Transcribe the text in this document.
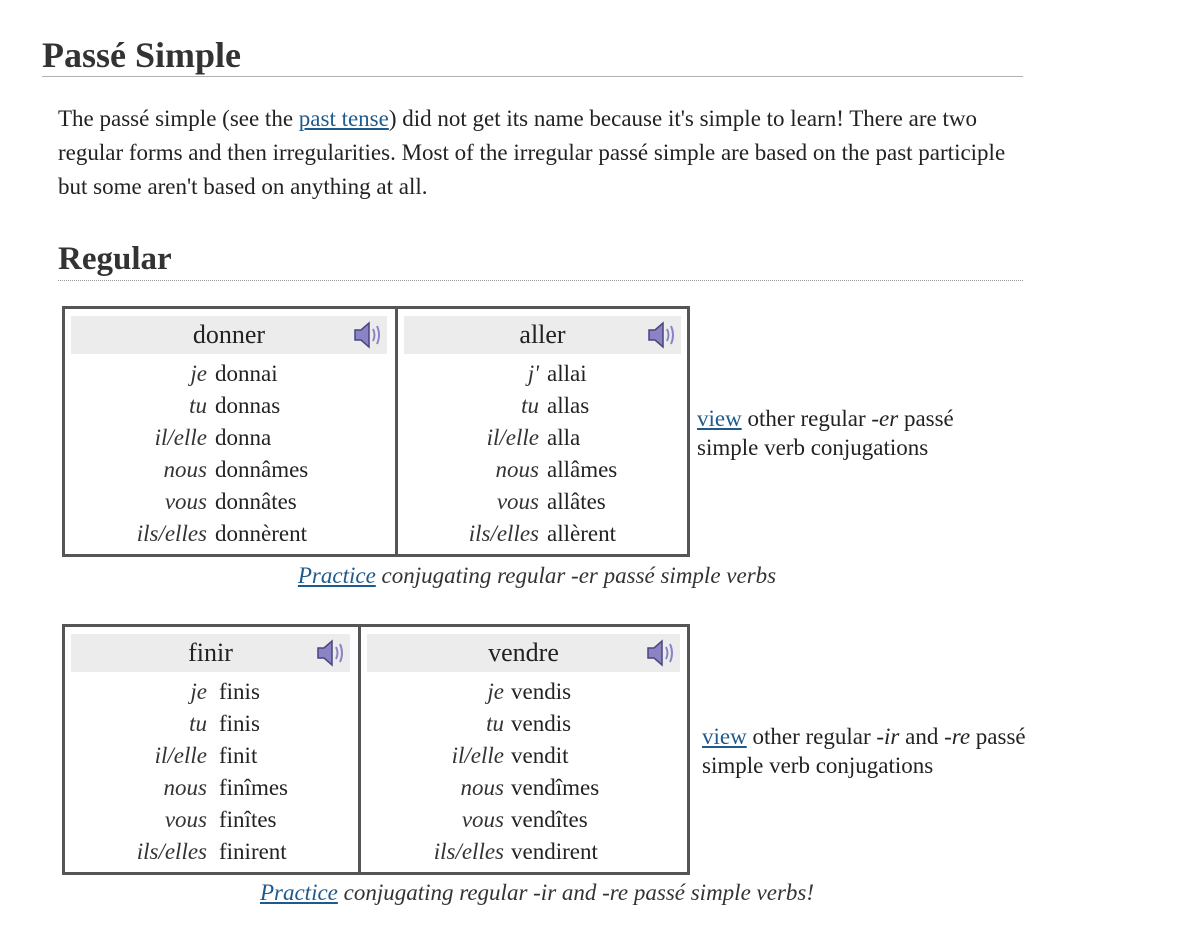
Passé Simple

The passé simple (see the past tense) did not get its name because it's simple to learn! There are two regular forms and then irregularities. Most of the irregular passé simple are based on the past participle but some aren't based on anything at all.

Regular
donner
je donnai
tu donnas
il/elle donna
nous donnâmes
vous donnâtes
ils/elles donnèrent
aller
j' allai
tu allas
il/elle alla
nous allâmes
vous allâtes
ils/elles allèrent

view other regular -er passé simple verb conjugations

Practice conjugating regular -er passé simple verbs

finir
je finis
tu finis
il/elle finit
nous finîmes
vous finîtes
ils/elles finirent
vendre
je vendis
tu vendis
il/elle vendit
nous vendîmes
vous vendîtes
ils/elles vendirent

view other regular -ir and -re passé simple verb conjugations

Practice conjugating regular -ir and -re passé simple verbs!
